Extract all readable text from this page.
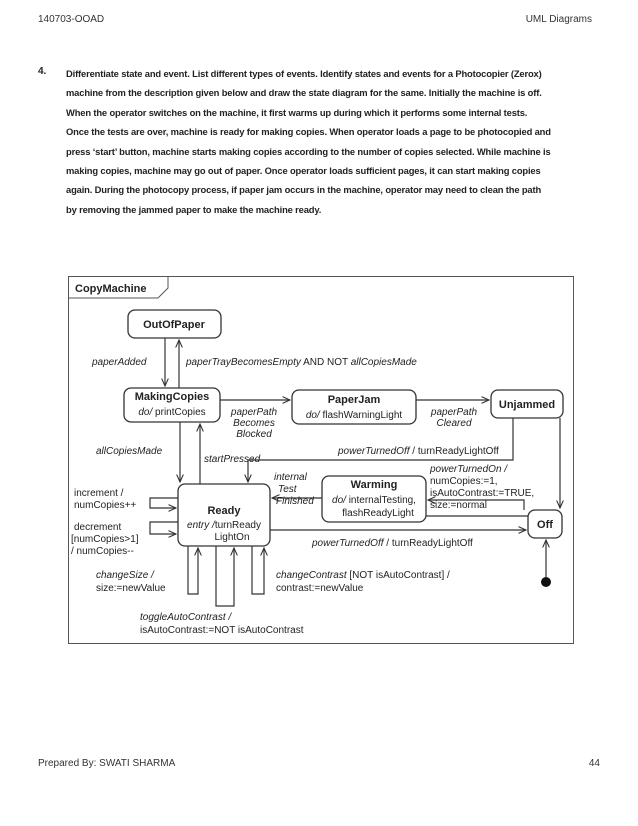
140703-OOAD	UML Diagrams
4. Differentiate state and event. List different types of events. Identify states and events for a Photocopier (Zerox)
machine from the description given below and draw the state diagram for the same. Initially the machine is off.
When the operator switches on the machine, it first warms up during which it performs some internal tests.
Once the tests are over, machine is ready for making copies. When operator loads a page to be photocopied and
press ‘start’ button, machine starts making copies according to the number of copies selected. While machine is
making copies, machine may go out of paper. Once operator loads sufficient pages, it can start making copies
again. During the photocopy process, if paper jam occurs in the machine, operator may need to clean the path
by removing the jammed paper to make the machine ready.
CopyMachine
OutOfPaper
MakingCopies
do/ printCopies
PaperJam
do/ flashWarningLight
Unjammed
Warming
do/ internalTesting,
flashReadyLight
Ready
entry /turnReady
LightOn
Off
paperAdded	paperTrayBecomesEmpty AND NOT allCopiesMade
paperPath
Becomes
Blocked
paperPath
Cleared
allCopiesMade
startPressed
powerTurnedOff / turnReadyLightOff
powerTurnedOn /
numCopies:=1,
isAutoContrast:=TRUE,
size:=normal
internal
Test
Finished
powerTurnedOff / turnReadyLightOff
increment /
numCopies++
decrement
[numCopies>1]
/ numCopies--
changeSize /
size:=newValue
toggleAutoContrast /
isAutoContrast:=NOT isAutoContrast
changeContrast [NOT isAutoContrast] /
contrast:=newValue
Prepared By: SWATI SHARMA	44
